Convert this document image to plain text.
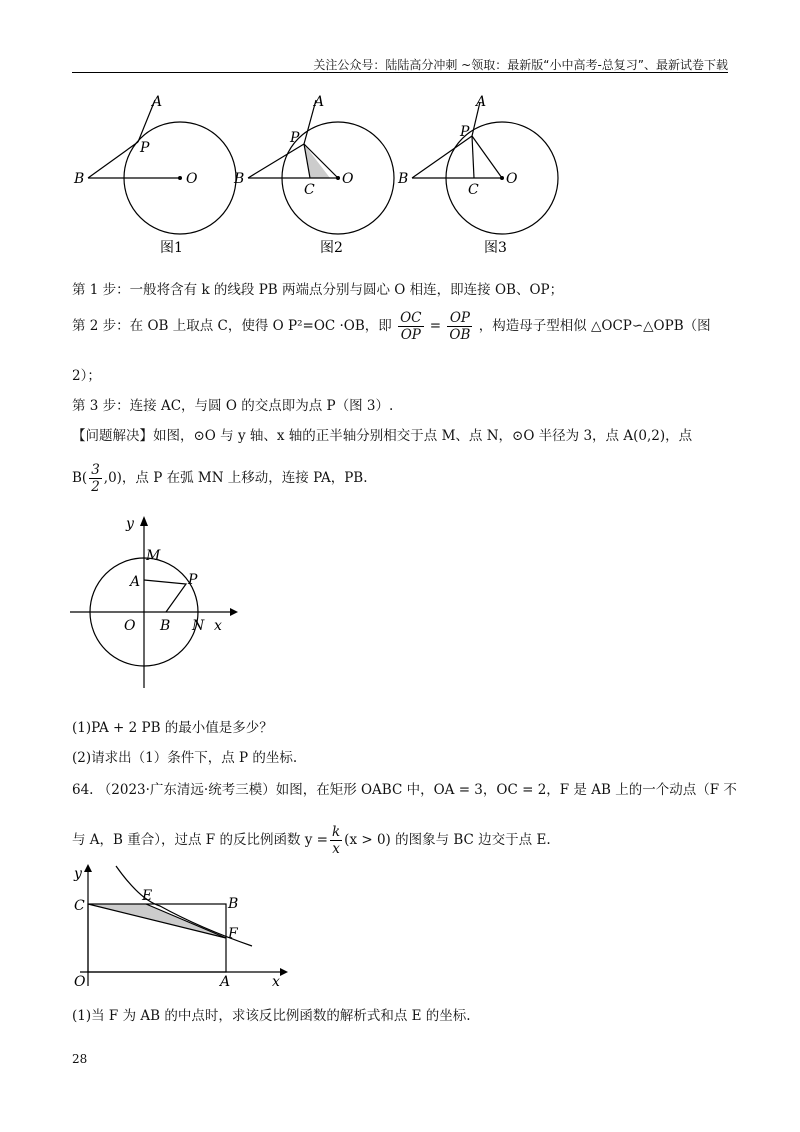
关注公众号：陆陆高分冲刺 ~领取：最新版“小中高考-总复习”、最新试卷下载
B	O
P
A
图1
B	O
P
A
C
图2
B	O
P
A
C
图3
第 1 步：一般将含有 k 的线段 PB 两端点分别与圆心 O 相连，即连接 OB、OP；
第 2 步：在 OB 上取点 C，使得 O P²=OC ·OB，即 $\frac{OC}{OP} = \frac{OP}{OB}$ ，构造母子型相似 △OCP∽△OPB（图
2）；
第 3 步：连接 AC，与圆 O 的交点即为点 P（图 3）.
【问题解决】如图，⊙O 与 y 轴、x 轴的正半轴分别相交于点 M、点 N，⊙O 半径为 3，点 A(0,2)，点
$B( \frac{3}{2} ,0)$，点 P 在弧 MN 上移动，连接 PA，PB.
y
M
A	P
O B N x
(1)PA + 2 PB 的最小值是多少？
(2)请求出（1）条件下，点 P 的坐标.
64. （2023·广东清远·统考三模）如图，在矩形 OABC 中，OA = 3，OC = 2，F 是 AB 上的一个动点（F 不
与 A，B 重合），过点 F 的反比例函数 $y = \frac{k}{x} (x > 0)$ 的图象与 BC 边交于点 E.
y
C
E	B
F
O	A	x
(1)当 F 为 AB 的中点时，求该反比例函数的解析式和点 E 的坐标.
28
